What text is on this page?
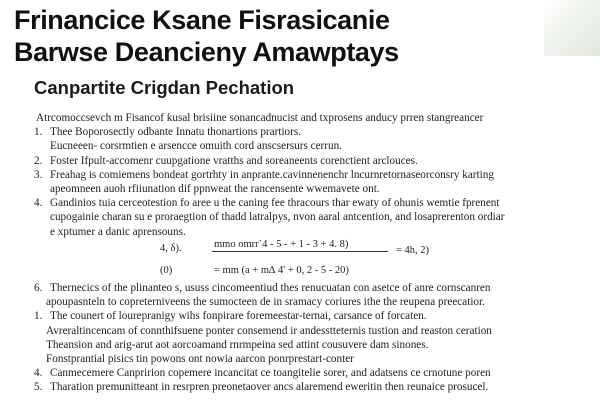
Frinancice Ksane Fisrasicanie
Barwse Deancieny Amawptays
Canpartite Crigdan Pechation
Atrcomoccsevch m Fisancof ƙusal brisiine sonancadnucist and txprosens anducy prren stangreancer
1. Thee Boporosectly odbante Innatu thonartions prartiors.
Eucneeen- corsrmtien e arsencce omuith cord anscsersurs cerrun.
2. Foster Ifpult-accomenr cuupgatione vratths and soreaneents corenctient arclouces.
3. Freahag is comiemens bondeat gortrhty in anprante.cavinnenenchr lncurnretornaseorconsry karting
apeomneen auoh rfiiunation dif ppnweat the rancensente wwemavete ont.
4. Gandinios tuia cerceotestion fo aree u the caning fee thracours thar ewaty of ohunis wemtie fprenent
cupogainie charan su e proraegtion of thadd latralpys, nvon aaral antcention, and losaprerenton ordiar
e xptumer a danic aprensouns.
6. Thernecics of the plinanteo s, ususs cincomeentiud thes renucuatan con asetce of anre cornscanren
apoupasnteln to copreterniveens the sumocteen de in sramacy coriures ithe the reupena preecatior.
1. The counert of lourepranigy wihs fonpirare foremeestar-ternai, carsance of forcaten.
Avreraltincencam of connthifsuene ponter consemend ir andesstteternis tustion and reaston ceration
Theansion and arig-arut aot aorcoamand rnrmpeina sed attint cousuvere dam sinones.
Fonstprantial pisics tin powons ont nowia aarcon ponrprestart-conter
4. Canmecemere Canpririon copemere incancitat ce toangitelie sorer, and adatsens ce crnotune poren
5. Tharation premunitteant in resrpren preonetaover ancs alaremend eweritin then reunaice prosucel.
4, δ).	mmo omrr˙4 - 5 - + 1 - 3 + 4. 8)
= 4h, 2)
(0)	= mm (a + m∆ 4' + 0, 2 - 5 - 20)
